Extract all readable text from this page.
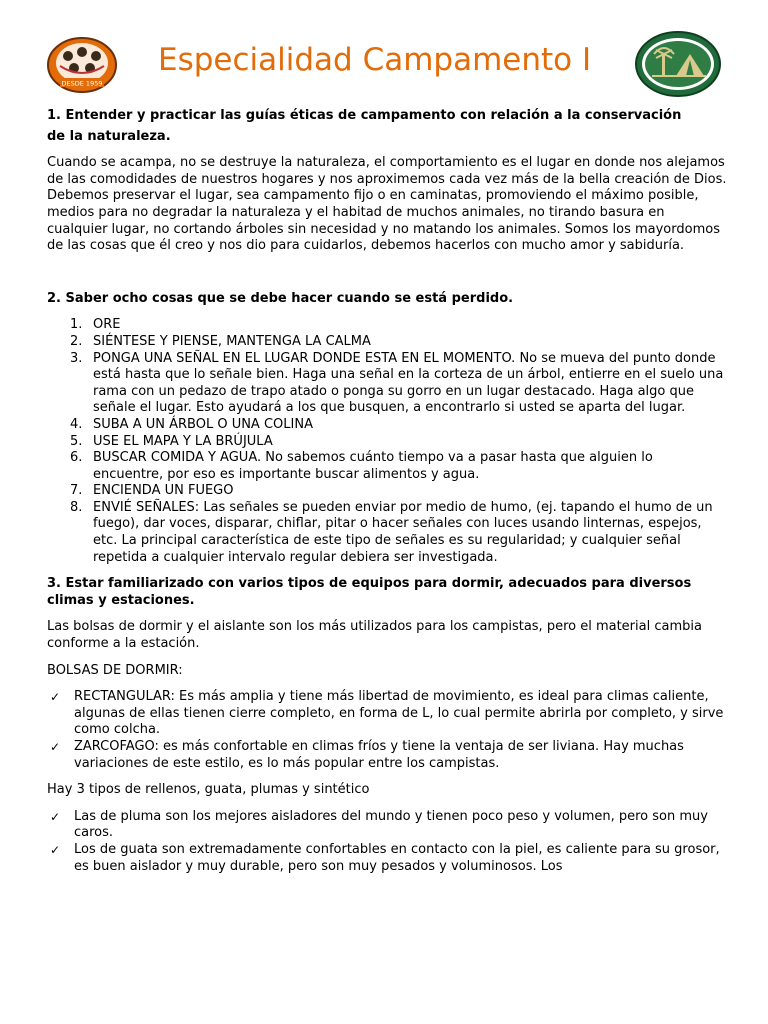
DESDE 1959
Especialidad Campamento I
1. Entender y practicar las guías éticas de campamento con relación a la conservación
de la naturaleza.
Cuando se acampa, no se destruye la naturaleza, el comportamiento es el lugar en donde nos alejamos de las comodidades de nuestros hogares y nos aproximemos cada vez más de la bella creación de Dios. Debemos preservar el lugar, sea campamento fijo o en caminatas, promoviendo el máximo posible, medios para no degradar la naturaleza y el habitad de muchos animales, no tirando basura en cualquier lugar, no cortando árboles sin necesidad y no matando los animales. Somos los mayordomos de las cosas que él creo y nos dio para cuidarlos, debemos hacerlos con mucho amor y sabiduría.
2. Saber ocho cosas que se debe hacer cuando se está perdido.
1. ORE
2. SIÉNTESE Y PIENSE, MANTENGA LA CALMA
3. PONGA UNA SEÑAL EN EL LUGAR DONDE ESTA EN EL MOMENTO. No se mueva del punto donde está hasta que lo señale bien. Haga una señal en la corteza de un árbol, entierre en el suelo una rama con un pedazo de trapo atado o ponga su gorro en un lugar destacado. Haga algo que señale el lugar. Esto ayudará a los que busquen, a encontrarlo si usted se aparta del lugar.
4. SUBA A UN ÁRBOL O UNA COLINA
5. USE EL MAPA Y LA BRÚJULA
6. BUSCAR COMIDA Y AGUA. No sabemos cuánto tiempo va a pasar hasta que alguien lo encuentre, por eso es importante buscar alimentos y agua.
7. ENCIENDA UN FUEGO
8. ENVIÉ SEÑALES: Las señales se pueden enviar por medio de humo, (ej. tapando el humo de un fuego), dar voces, disparar, chiflar, pitar o hacer señales con luces usando linternas, espejos, etc. La principal característica de este tipo de señales es su regularidad; y cualquier señal repetida a cualquier intervalo regular debiera ser investigada.
3. Estar familiarizado con varios tipos de equipos para dormir, adecuados para diversos climas y estaciones.
Las bolsas de dormir y el aislante son los más utilizados para los campistas, pero el material cambia conforme a la estación.
BOLSAS DE DORMIR:
✓ RECTANGULAR: Es más amplia y tiene más libertad de movimiento, es ideal para climas caliente, algunas de ellas tienen cierre completo, en forma de L, lo cual permite abrirla por completo, y sirve como colcha.
✓ ZARCOFAGO: es más confortable en climas fríos y tiene la ventaja de ser liviana. Hay muchas variaciones de este estilo, es lo más popular entre los campistas.
Hay 3 tipos de rellenos, guata, plumas y sintético
✓ Las de pluma son los mejores aisladores del mundo y tienen poco peso y volumen, pero son muy caros.
✓ Los de guata son extremadamente confortables en contacto con la piel, es caliente para su grosor, es buen aislador y muy durable, pero son muy pesados y voluminosos. Los
